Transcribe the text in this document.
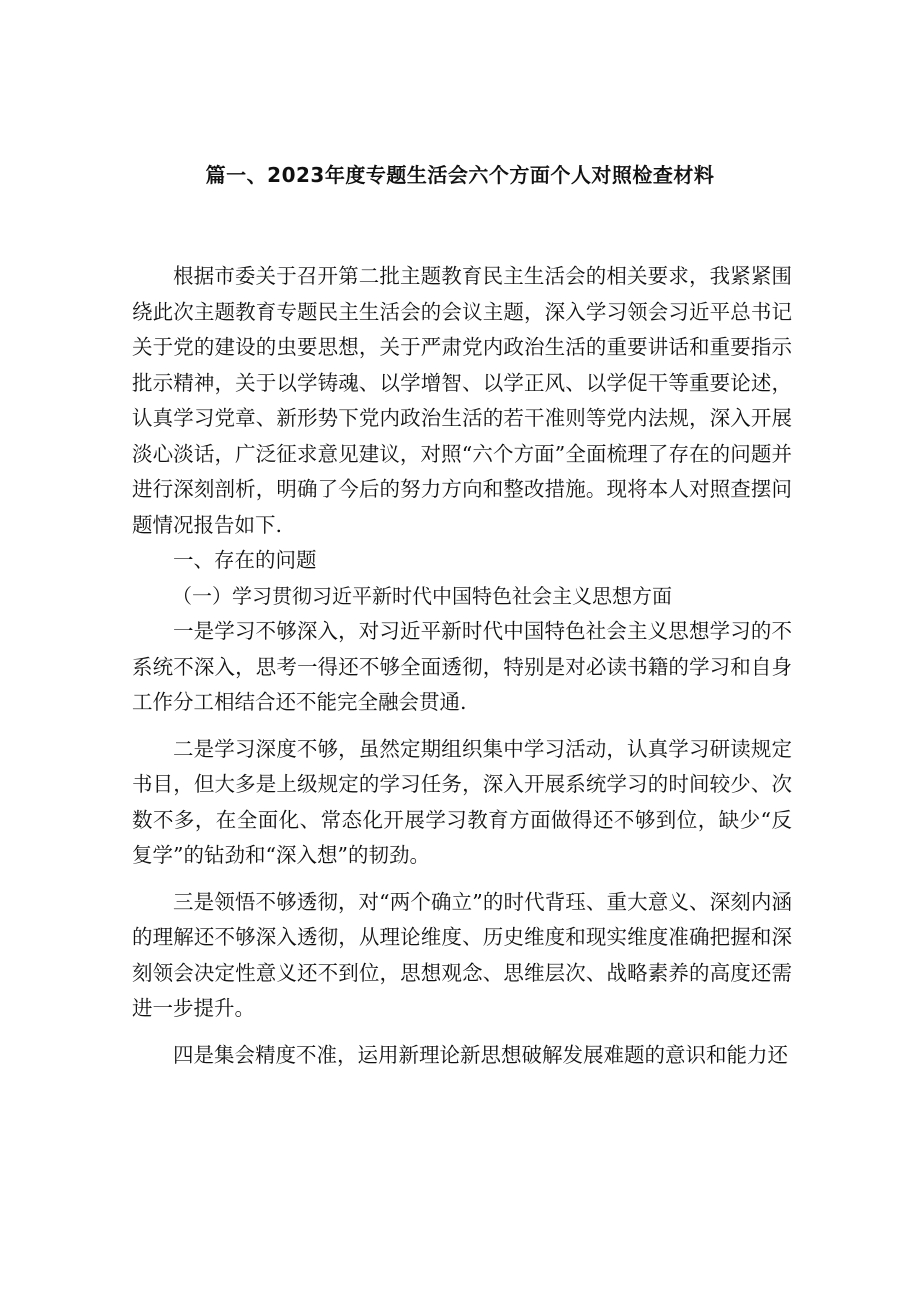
篇一、2023年度专题生活会六个方面个人对照检查材料

根据市委关于召开第二批主题教育民主生活会的相关要求，我紧紧围绕此次主题教育专题民主生活会的会议主题，深入学习领会习近平总书记关于党的建设的虫要思想，关于严肃党内政治生活的重要讲话和重要指示批示精神，关于以学铸魂、以学增智、以学正风、以学促干等重要论述，认真学习党章、新形势下党内政治生活的若干准则等党内法规，深入开展淡心淡话，广泛征求意见建议，对照“六个方面”全面梳理了存在的问题并进行深刻剖析，明确了今后的努力方向和整改措施。现将本人对照查摆问题情况报告如下.

一、存在的问题

（一）学习贯彻习近平新时代中国特色社会主义思想方面

一是学习不够深入，对习近平新时代中国特色社会主义思想学习的不系统不深入，思考一得还不够全面透彻，特别是对必读书籍的学习和自身工作分工相结合还不能完全融会贯通.

二是学习深度不够，虽然定期组织集中学习活动，认真学习研读规定书目，但大多是上级规定的学习任务，深入开展系统学习的时间较少、次数不多，在全面化、常态化开展学习教育方面做得还不够到位，缺少“反复学”的钻劲和“深入想”的韧劲。

三是领悟不够透彻，对“两个确立”的时代背珏、重大意义、深刻内涵的理解还不够深入透彻，从理论维度、历史维度和现实维度准确把握和深刻领会决定性意义还不到位，思想观念、思维层次、战略素养的高度还需进一步提升。

四是集会精度不准，运用新理论新思想破解发展难题的意识和能力还
